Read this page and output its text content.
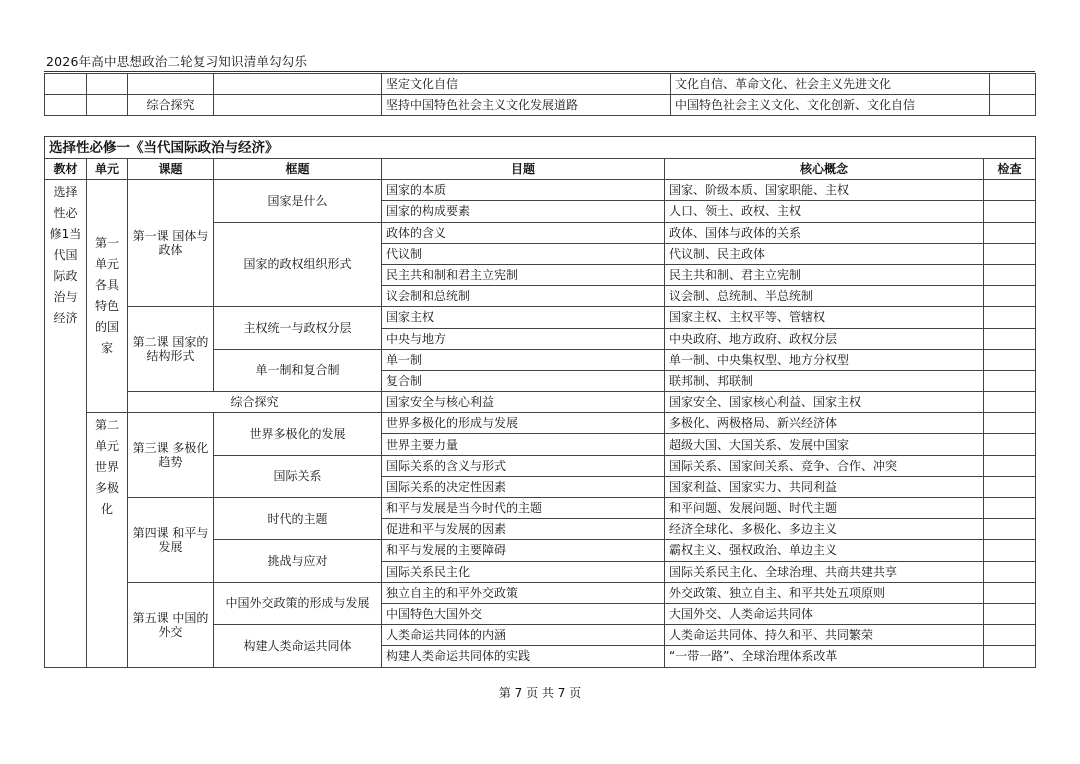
2026年高中思想政治二轮复习知识清单勾勾乐
				坚定文化自信	文化自信、革命文化、社会主义先进文化	
		综合探究		坚持中国特色社会主义文化发展道路	中国特色社会主义文化、文化创新、文化自信	
选择性必修一《当代国际政治与经济》						
教材	单元	课题	框题	目题	核心概念	检查
选择性必修1当代国际政治与经济	第一单元各具特色的国家	第一课 国体与政体	国家是什么	国家的本质	国家、阶级本质、国家职能、主权	
				国家的构成要素	人口、领土、政权、主权	
			国家的政权组织形式	政体的含义	政体、国体与政体的关系	
				代议制	代议制、民主政体	
				民主共和制和君主立宪制	民主共和制、君主立宪制	
				议会制和总统制	议会制、总统制、半总统制	
		第二课 国家的结构形式	主权统一与政权分层	国家主权	国家主权、主权平等、管辖权	
				中央与地方	中央政府、地方政府、政权分层	
			单一制和复合制	单一制	单一制、中央集权型、地方分权型	
				复合制	联邦制、邦联制	
		综合探究		国家安全与核心利益	国家安全、国家核心利益、国家主权	
	第二单元世界多极化	第三课 多极化趋势	世界多极化的发展	世界多极化的形成与发展	多极化、两极格局、新兴经济体	
				世界主要力量	超级大国、大国关系、发展中国家	
			国际关系	国际关系的含义与形式	国际关系、国家间关系、竞争、合作、冲突	
				国际关系的决定性因素	国家利益、国家实力、共同利益	
		第四课 和平与发展	时代的主题	和平与发展是当今时代的主题	和平问题、发展问题、时代主题	
				促进和平与发展的因素	经济全球化、多极化、多边主义	
			挑战与应对	和平与发展的主要障碍	霸权主义、强权政治、单边主义	
				国际关系民主化	国际关系民主化、全球治理、共商共建共享	
		第五课 中国的外交	中国外交政策的形成与发展	独立自主的和平外交政策	外交政策、独立自主、和平共处五项原则	
				中国特色大国外交	大国外交、人类命运共同体	
			构建人类命运共同体	人类命运共同体的内涵	人类命运共同体、持久和平、共同繁荣	
				构建人类命运共同体的实践	“一带一路”、全球治理体系改革	
第 7 页 共 7 页
